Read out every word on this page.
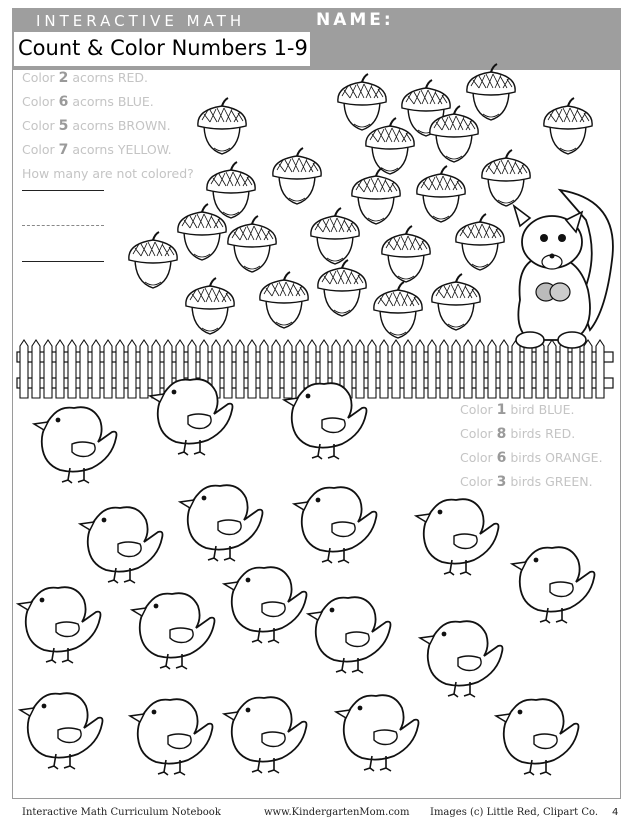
INTERACTIVE MATH	NAME:
Count & Color Numbers 1-9
Color 2 acorns RED.
Color 6 acorns BLUE.
Color 5 acorns BROWN.
Color 7 acorns YELLOW.
How many are not colored?
Color 1 bird BLUE.
Color 8 birds RED.
Color 6 birds ORANGE.
Color 3 birds GREEN.
Interactive Math Curriculum Notebook	www.KindergartenMom.com Images (c) Little Red, Clipart Co. 4
